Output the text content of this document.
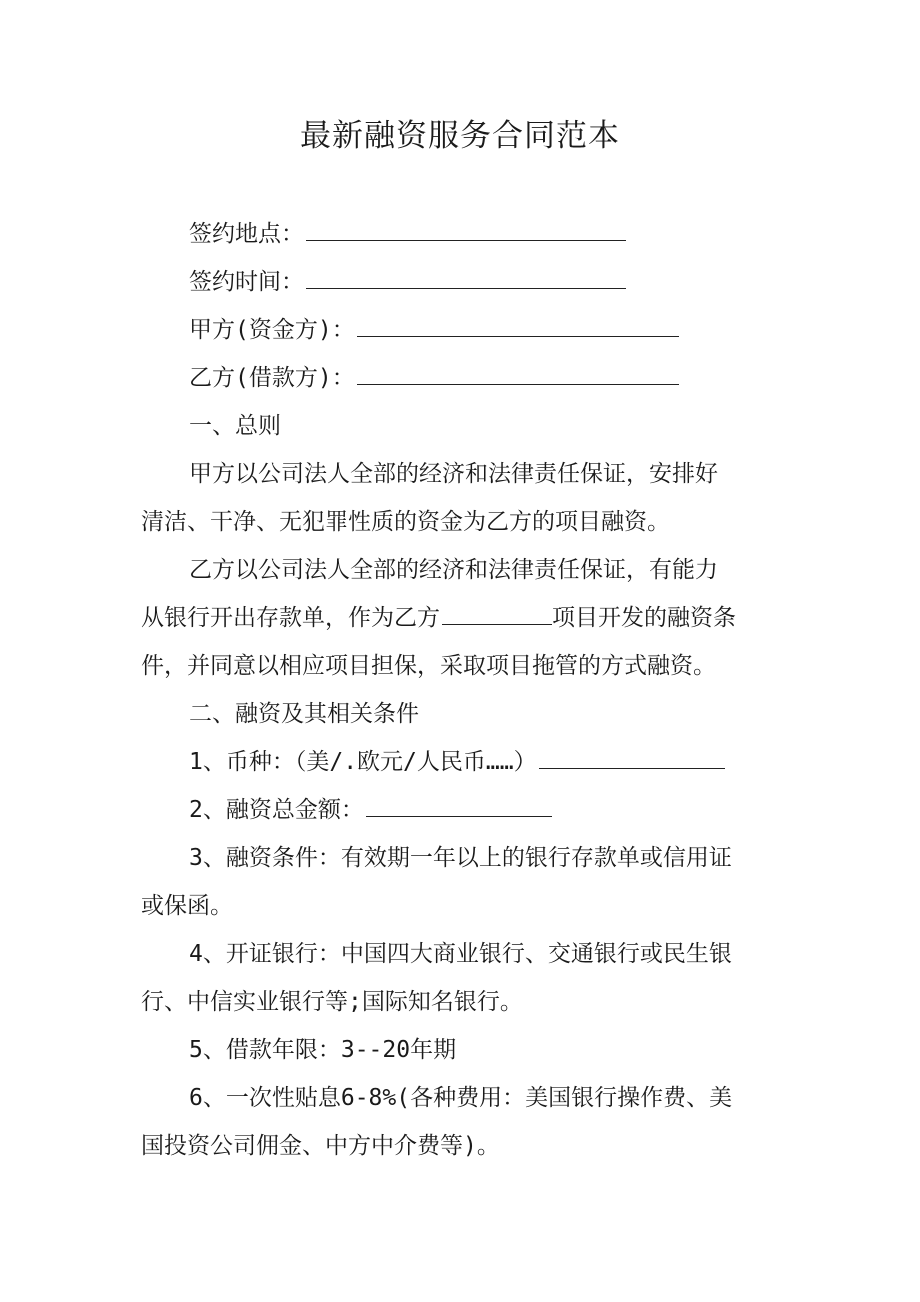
最新融资服务合同范本

签约地点：

签约时间：

甲方(资金方)：

乙方(借款方)：

一、总则

甲方以公司法人全部的经济和法律责任保证，安排好

清洁、干净、无犯罪性质的资金为乙方的项目融资。

乙方以公司法人全部的经济和法律责任保证，有能力

从银行开出存款单，作为乙方	项目开发的融资条

件，并同意以相应项目担保，采取项目拖管的方式融资。

二、融资及其相关条件

1、币种：（美/.欧元/人民币……）

2、融资总金额：

3、融资条件：有效期一年以上的银行存款单或信用证

或保函。

4、开证银行：中国四大商业银行、交通银行或民生银

行、中信实业银行等;国际知名银行。

5、借款年限：3--20年期

6、一次性贴息6-8%(各种费用：美国银行操作费、美

国投资公司佣金、中方中介费等)。
